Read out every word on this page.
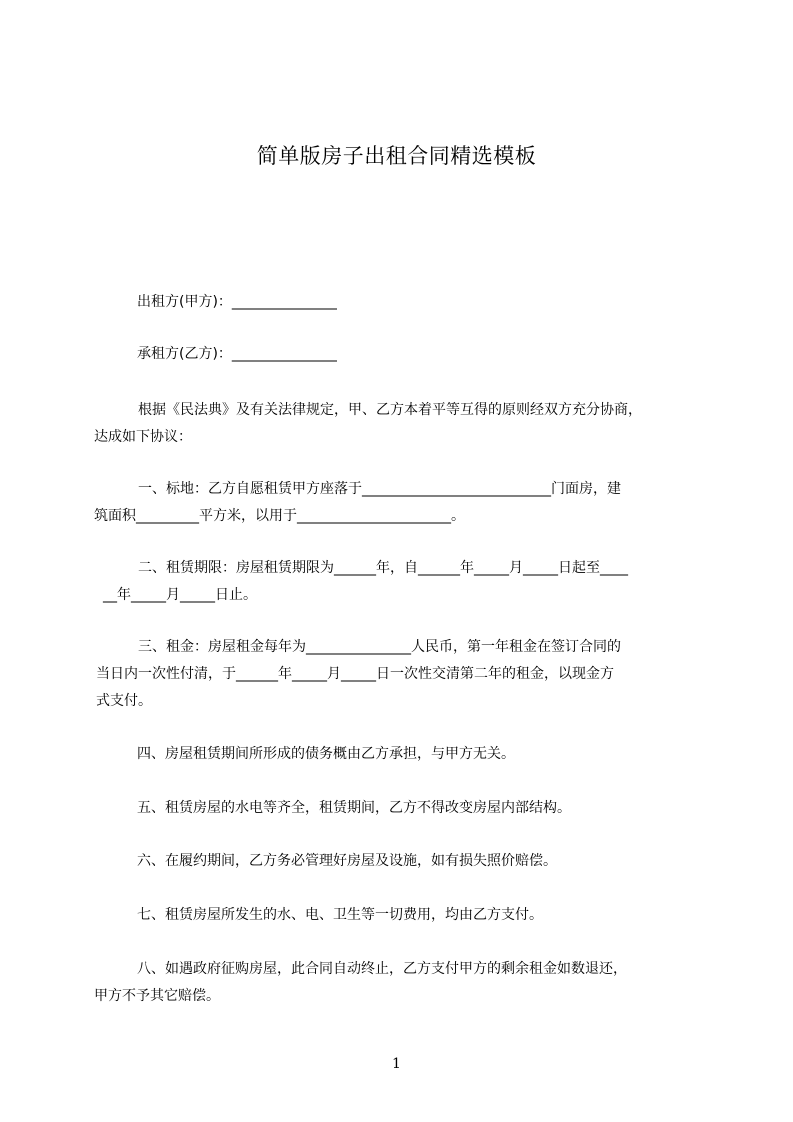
简单版房子出租合同精选模板
出租方(甲方)：_______________
承租方(乙方)：_______________
根据《民法典》及有关法律规定，甲、乙方本着平等互得的原则经双方充分协商，
达成如下协议：
一、标地：乙方自愿租赁甲方座落于___________________________门面房，建
筑面积_________平方米，以用于______________________。
二、租赁期限：房屋租赁期限为______年，自______年_____月_____日起至____
__年_____月_____日止。
三、租金：房屋租金每年为_______________人民币，第一年租金在签订合同的
当日内一次性付清，于______年_____月_____日一次性交清第二年的租金，以现金方
式支付。
四、房屋租赁期间所形成的债务概由乙方承担，与甲方无关。
五、租赁房屋的水电等齐全，租赁期间，乙方不得改变房屋内部结构。
六、在履约期间，乙方务必管理好房屋及设施，如有损失照价赔偿。
七、租赁房屋所发生的水、电、卫生等一切费用，均由乙方支付。
八、如遇政府征购房屋，此合同自动终止，乙方支付甲方的剩余租金如数退还，
甲方不予其它赔偿。
1
